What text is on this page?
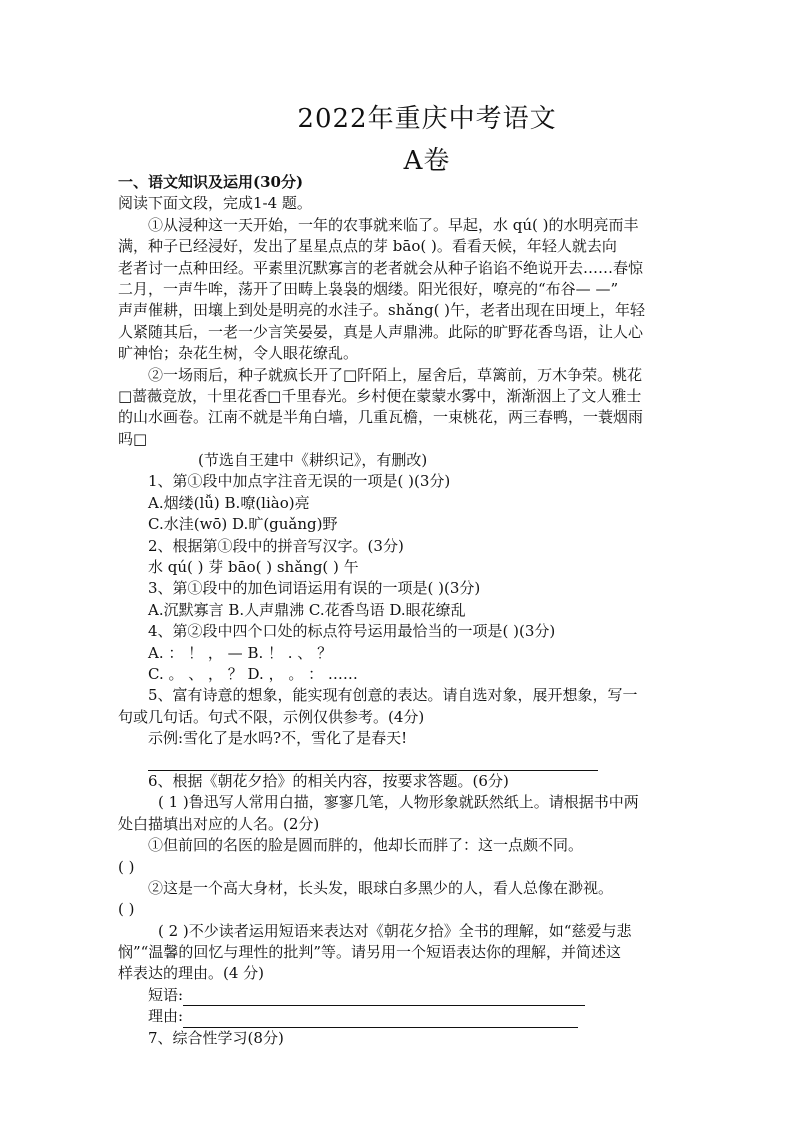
2022年重庆中考语文
A卷
一、语文知识及运用(30分)
阅读下面文段，完成1-4 题。
①从浸种这一天开始，一年的农事就来临了。早起，水 qú( )的水明亮而丰
满，种子已经浸好，发出了星星点点的芽 bāo( )。看看天候，年轻人就去向
老者讨一点种田经。平素里沉默寡言的老者就会从种子谄谄不绝说开去……春惊
二月，一声牛哞，荡开了田畴上袅袅的烟缕。阳光很好，嘹亮的“布谷— —”
声声催耕，田壤上到处是明亮的水洼子。shǎng( )午，老者出现在田埂上，年轻
人紧随其后，一老一少言笑晏晏，真是人声鼎沸。此际的旷野花香鸟语，让人心
旷神怡；杂花生树，令人眼花缭乱。
②一场雨后，种子就疯长开了□阡陌上，屋舍后，草篱前，万木争荣。桃花
□蔷薇竞放，十里花香□千里春光。乡村便在蒙蒙水雾中，渐渐洇上了文人雅士
的山水画卷。江南不就是半角白墙，几重瓦檐，一束桃花，两三春鸭，一蓑烟雨
吗□
(节选自王建中《耕织记》，有删改)
1、第①段中加点字注音无误的一项是( )(3分)
A.烟缕(lǚ) B.嘹(liào)亮
C.水洼(wō) D.旷(guǎng)野
2、根据第①段中的拼音写汉字。(3分)
水 qú( ) 芽 bāo( ) shǎng( ) 午
3、第①段中的加色词语运用有误的一项是( )(3分)
A.沉默寡言 B.人声鼎沸 C.花香鸟语 D.眼花缭乱
4、第②段中四个口处的标点符号运用最恰当的一项是( )(3分)
A. ： ！ ， — B. ！ . 、 ？
C. 。 、 ， ？ D. ， 。 ： ……
5、富有诗意的想象，能实现有创意的表达。请自选对象，展开想象，写一
句或几句话。句式不限，示例仅供参考。(4分)
示例:雪化了是水吗?不，雪化了是春天!
6、根据《朝花夕拾》的相关内容，按要求答题。(6分)
( 1 )鲁迅写人常用白描，寥寥几笔，人物形象就跃然纸上。请根据书中两
处白描填出对应的人名。(2分)
①但前回的名医的脸是圆而胖的，他却长而胖了：这一点颇不同。
( )
②这是一个高大身材，长头发，眼球白多黑少的人，看人总像在渺视。
( )
( 2 )不少读者运用短语来表达对《朝花夕拾》全书的理解，如“慈爱与悲
悯”“温馨的回忆与理性的批判”等。请另用一个短语表达你的理解，并简述这
样表达的理由。(4 分)
短语:
理由:
7、综合性学习(8分)
